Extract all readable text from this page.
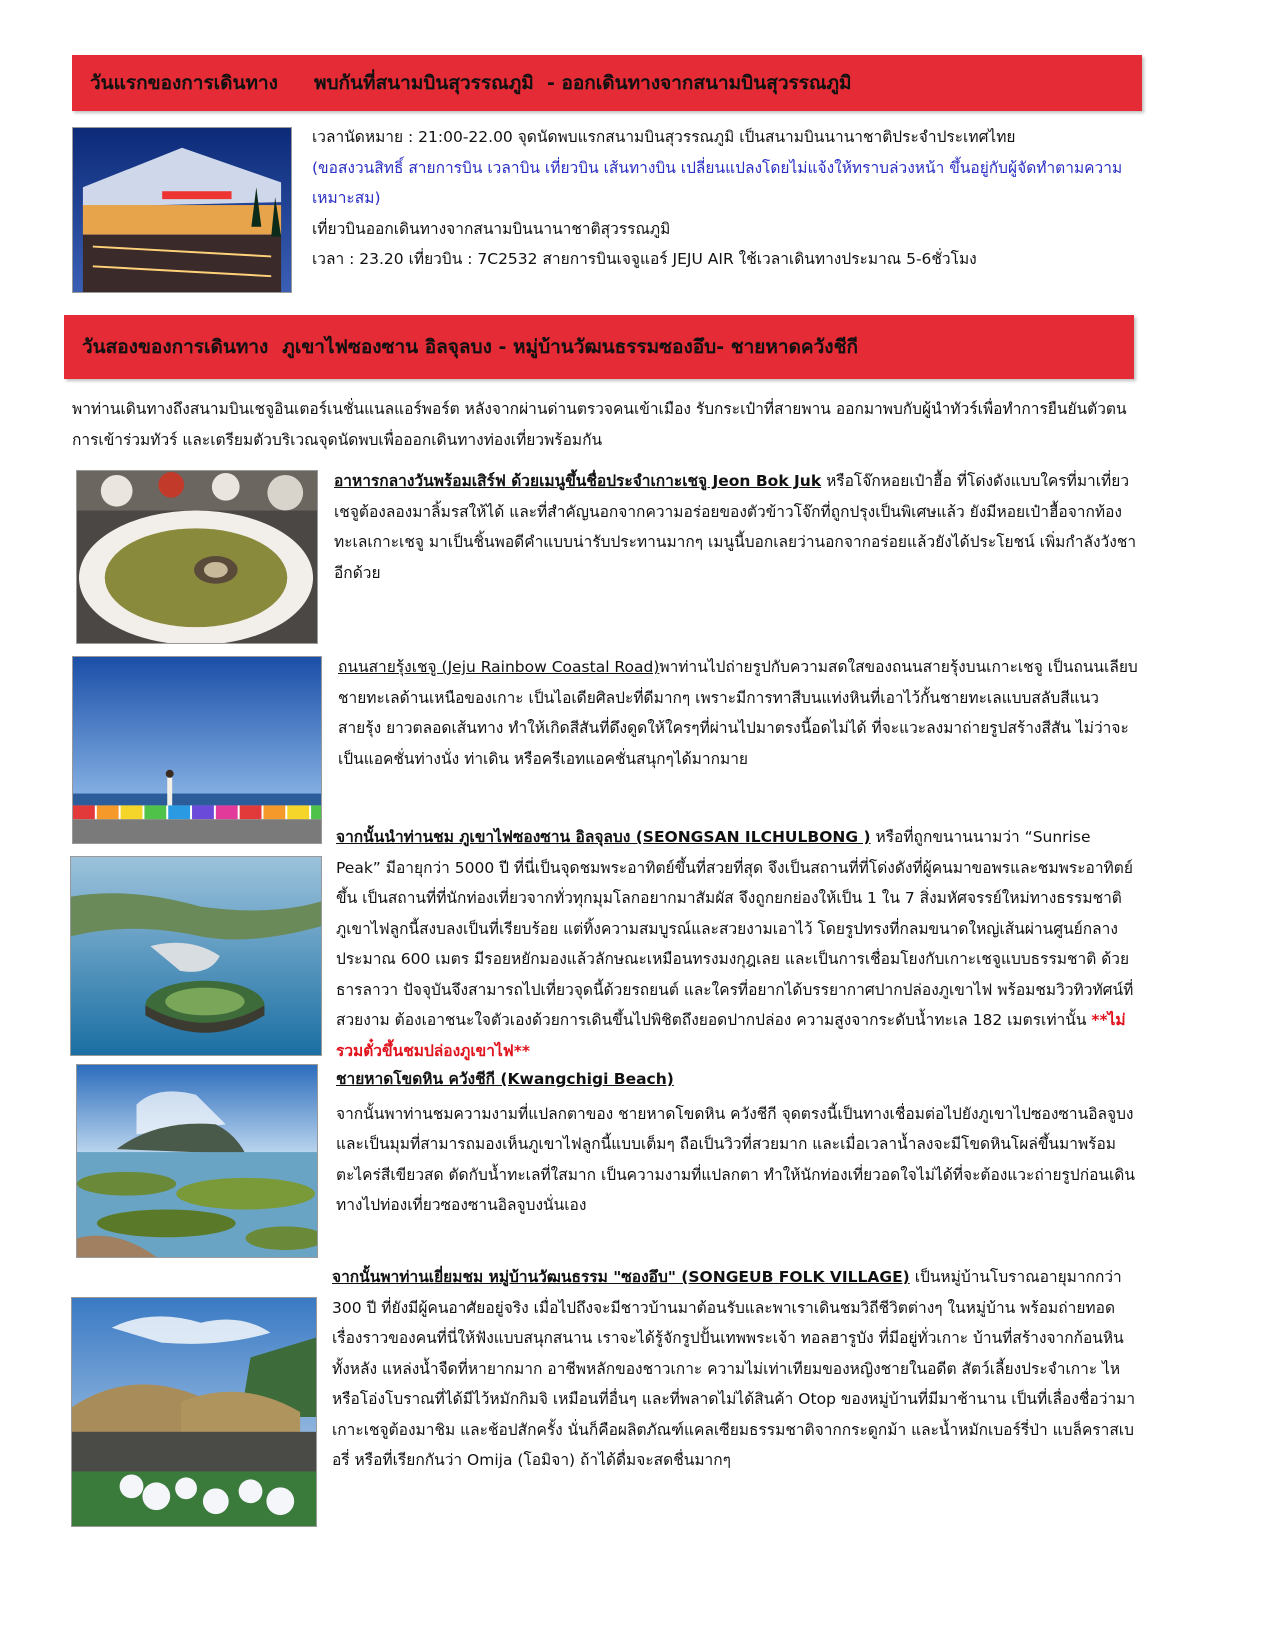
วันแรกของการเดินทาง พบกันที่สนามบินสุวรรณภูมิ  - ออกเดินทางจากสนามบินสุวรรณภูมิ

เวลานัดหมาย : 21:00-22.00 จุดนัดพบแรกสนามบินสุวรรณภูมิ เป็นสนามบินนานาชาติประจำประเทศไทย

(ขอสงวนสิทธิ์ สายการบิน เวลาบิน เที่ยวบิน เส้นทางบิน เปลี่ยนแปลงโดยไม่แจ้งให้ทราบล่วงหน้า ขึ้นอยู่กับผู้จัดทำตามความเหมาะสม)

เที่ยวบินออกเดินทางจากสนามบินนานาชาติสุวรรณภูมิ

เวลา : 23.20 เที่ยวบิน : 7C2532 สายการบินเจจูแอร์ JEJU AIR ใช้เวลาเดินทางประมาณ 5-6ชั่วโมง

วันสองของการเดินทาง ภูเขาไฟซองซาน อิลจุลบง - หมู่บ้านวัฒนธรรมซองอึบ- ชายหาดควังชีกี

พาท่านเดินทางถึงสนามบินเชจูอินเตอร์เนชั่นแนลแอร์พอร์ต หลังจากผ่านด่านตรวจคนเข้าเมือง รับกระเป๋าที่สายพาน ออกมาพบกับผู้นำทัวร์เพื่อทำการยืนยันตัวตน การเข้าร่วมทัวร์ และเตรียมตัวบริเวณจุดนัดพบเพื่อออกเดินทางท่องเที่ยวพร้อมกัน

อาหารกลางวันพร้อมเสิร์ฟ ด้วยเมนูขึ้นชื่อประจำเกาะเชจู Jeon Bok Juk หรือโจ๊กหอยเป๋าฮื้อ ที่โด่งดังแบบใครที่มาเที่ยวเชจูต้องลองมาลิ้มรสให้ได้ และที่สำคัญนอกจากความอร่อยของตัวข้าวโจ๊กที่ถูกปรุงเป็นพิเศษแล้ว ยังมีหอยเป๋าฮื้อจากท้องทะเลเกาะเชจู มาเป็นชิ้นพอดีคำแบบน่ารับประทานมากๆ เมนูนี้บอกเลยว่านอกจากอร่อยแล้วยังได้ประโยชน์ เพิ่มกำลังวังชาอีกด้วย

ถนนสายรุ้งเชจู (Jeju Rainbow Coastal Road)พาท่านไปถ่ายรูปกับความสดใสของถนนสายรุ้งบนเกาะเชจู เป็นถนนเลียบชายทะเลด้านเหนือของเกาะ เป็นไอเดียศิลปะที่ดีมากๆ เพราะมีการทาสีบนแท่งหินที่เอาไว้กั้นชายทะเลแบบสลับสีแนวสายรุ้ง ยาวตลอดเส้นทาง ทำให้เกิดสีสันที่ดึงดูดให้ใครๆที่ผ่านไปมาตรงนี้อดไม่ได้ ที่จะแวะลงมาถ่ายรูปสร้างสีสัน ไม่ว่าจะเป็นแอคชั่นท่างนั่ง ท่าเดิน หรือครีเอทแอคชั่นสนุกๆได้มากมาย

จากนั้นนำท่านชม ภูเขาไฟซองซาน อิลจุลบง (SEONGSAN ILCHULBONG ) หรือที่ถูกขนานนามว่า “Sunrise Peak” มีอายุกว่า 5000 ปี ที่นี่เป็นจุดชมพระอาทิตย์ขึ้นที่สวยที่สุด จึงเป็นสถานที่ที่โด่งดังที่ผู้คนมาขอพรและชมพระอาทิตย์ขึ้น เป็นสถานที่ที่นักท่องเที่ยวจากทั่วทุกมุมโลกอยากมาสัมผัส จึงถูกยกย่องให้เป็น 1 ใน 7 สิ่งมหัศจรรย์ใหม่ทางธรรมชาติ ภูเขาไฟลูกนี้สงบลงเป็นที่เรียบร้อย แต่ทิ้งความสมบูรณ์และสวยงามเอาไว้ โดยรูปทรงที่กลมขนาดใหญ่เส้นผ่านศูนย์กลางประมาณ 600 เมตร มีรอยหยักมองแล้วลักษณะเหมือนทรงมงกุฎเลย และเป็นการเชื่อมโยงกับเกาะเชจูแบบธรรมชาติ ด้วยธารลาวา ปัจจุบันจึงสามารถไปเที่ยวจุดนี้ด้วยรถยนต์ และใครที่อยากได้บรรยากาศปากปล่องภูเขาไฟ พร้อมชมวิวทิวทัศน์ที่สวยงาม ต้องเอาชนะใจตัวเองด้วยการเดินขึ้นไปพิชิตถึงยอดปากปล่อง ความสูงจากระดับน้ำทะเล 182 เมตรเท่านั้น **ไม่รวมตั๋วขึ้นชมปล่องภูเขาไฟ**

ชายหาดโขดหิน ควังชีกี (Kwangchigi Beach)

จากนั้นพาท่านชมความงามที่แปลกตาของ ชายหาดโขดหิน ควังชีกี จุดตรงนี้เป็นทางเชื่อมต่อไปยังภูเขาไปซองซานอิลจูบง และเป็นมุมที่สามารถมองเห็นภูเขาไฟลูกนี้แบบเต็มๆ ถือเป็นวิวที่สวยมาก และเมื่อเวลาน้ำลงจะมีโขดหินโผล่ขึ้นมาพร้อมตะไคร่สีเขียวสด ตัดกับน้ำทะเลที่ใสมาก เป็นความงามที่แปลกตา ทำให้นักท่องเที่ยวอดใจไม่ได้ที่จะต้องแวะถ่ายรูปก่อนเดินทางไปท่องเที่ยวซองซานอิลจูบงนั่นเอง

จากนั้นพาท่านเยี่ยมชม หมู่บ้านวัฒนธรรม "ซองอึบ" (SONGEUB FOLK VILLAGE) เป็นหมู่บ้านโบราณอายุมากกว่า 300 ปี ที่ยังมีผู้คนอาศัยอยู่จริง เมื่อไปถึงจะมีชาวบ้านมาต้อนรับและพาเราเดินชมวิถีชีวิตต่างๆ ในหมู่บ้าน พร้อมถ่ายทอดเรื่องราวของคนที่นี่ให้ฟังแบบสนุกสนาน เราจะได้รู้จักรูปปั้นเทพพระเจ้า ทอลฮารูบัง ที่มีอยู่ทั่วเกาะ บ้านที่สร้างจากก้อนหินทั้งหลัง แหล่งน้ำจืดที่หายากมาก อาชีพหลักของชาวเกาะ ความไม่เท่าเทียมของหญิงชายในอดีต สัตว์เลี้ยงประจำเกาะ ไหหรือโอ่งโบราณที่ได้มีไว้หมักกิมจิ เหมือนที่อื่นๆ และที่พลาดไม่ได้สินค้า Otop ของหมู่บ้านที่มีมาช้านาน เป็นที่เลื่องชื่อว่ามาเกาะเชจูต้องมาชิม และช้อปสักครั้ง นั่นก็คือผลิตภัณฑ์แคลเซียมธรรมชาติจากกระดูกม้า และน้ำหมักเบอร์รี่ป่า แบล็คราสเบอรี่ หรือที่เรียกกันว่า Omija (โอมิจา) ถ้าได้ดื่มจะสดชื่นมากๆ
